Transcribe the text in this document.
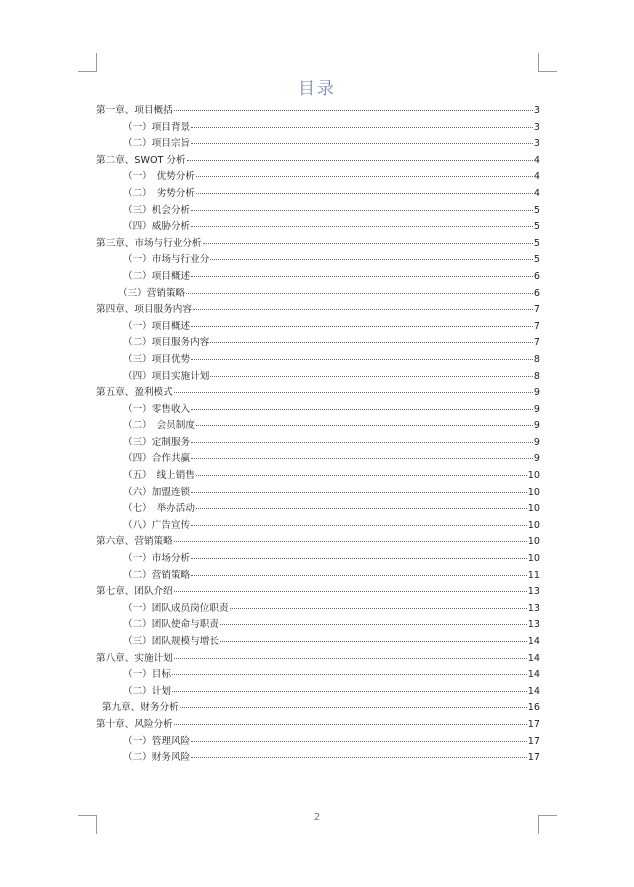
目录
第一章、项目概括	3
（一）项目背景	3
（二）项目宗旨	3
第二章、SWOT 分析	4
（一）　优势分析	4
（二）　劣势分析	4
（三）机会分析	5
（四）威胁分析	5
第三章、市场与行业分析	5
（一）市场与行业分	5
（二）项目概述	6
（三）营销策略	6
第四章、项目服务内容	7
（一）项目概述	7
（二）项目服务内容	7
（三）项目优势	8
（四）项目实施计划	8
第五章、盈利模式	9
（一）零售收入	9
（二）　会员制度	9
（三）定制服务	9
（四）合作共赢	9
（五）　线上销售	10
（六）加盟连锁	10
（七）　举办活动	10
（八）广告宣传	10
第六章、营销策略	10
（一）市场分析	10
（二）营销策略	11
第七章、团队介绍	13
（一）团队成员岗位职责	13
（二）团队使命与职责	13
（三）团队规模与增长	14
第八章、实施计划	14
（一）目标	14
（二）计划	14
第九章、财务分析	16
第十章、风险分析	17
（一）管理风险	17
（二）财务风险	17
2
